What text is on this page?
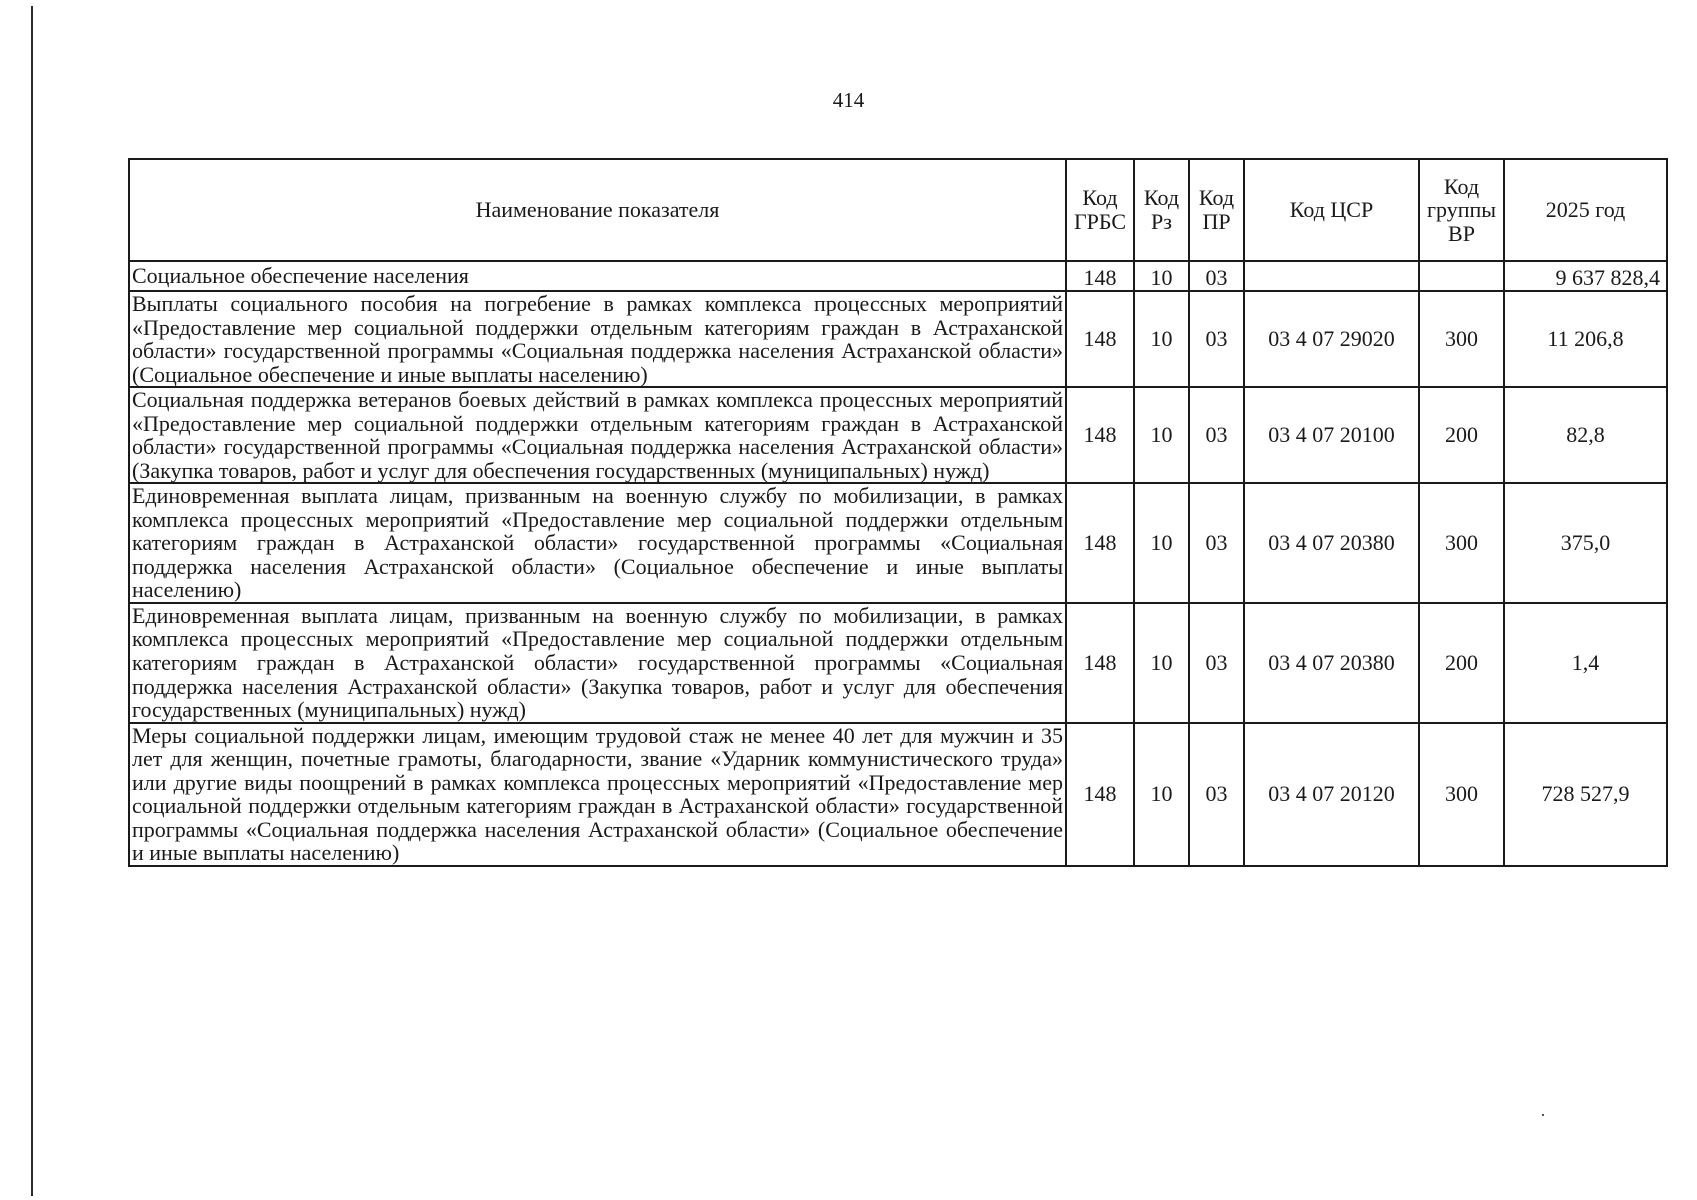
414
Наименование показателя	Код ГРБС	Код Рз	Код ПР	Код ЦСР	Код группы ВР	2025 год
Социальное обеспечение населения	148	10	03			9 637 828,4
Выплаты социального пособия на погребение в рамках комплекса процессных мероприятий «Предоставление мер социальной поддержки отдельным категориям граждан в Астраханской области» государственной программы «Социальная поддержка населения Астраханской области» (Социальное обеспечение и иные выплаты населению)	148	10	03	03 4 07 29020	300	11 206,8
Социальная поддержка ветеранов боевых действий в рамках комплекса процессных мероприятий «Предоставление мер социальной поддержки отдельным категориям граждан в Астраханской области» государственной программы «Социальная поддержка населения Астраханской области» (Закупка товаров, работ и услуг для обеспечения государственных (муниципальных) нужд)	148	10	03	03 4 07 20100	200	82,8
Единовременная выплата лицам, призванным на военную службу по мобилизации, в рамках комплекса процессных мероприятий «Предоставление мер социальной поддержки отдельным категориям граждан в Астраханской области» государственной программы «Социальная поддержка населения Астраханской области» (Социальное обеспечение и иные выплаты населению)	148	10	03	03 4 07 20380	300	375,0
Единовременная выплата лицам, призванным на военную службу по мобилизации, в рамках комплекса процессных мероприятий «Предоставление мер социальной поддержки отдельным категориям граждан в Астраханской области» государственной программы «Социальная поддержка населения Астраханской области» (Закупка товаров, работ и услуг для обеспечения государственных (муниципальных) нужд)	148	10	03	03 4 07 20380	200	1,4
Меры социальной поддержки лицам, имеющим трудовой стаж не менее 40 лет для мужчин и 35 лет для женщин, почетные грамоты, благодарности, звание «Ударник коммунистического труда» или другие виды поощрений в рамках комплекса процессных мероприятий «Предоставление мер социальной поддержки отдельным категориям граждан в Астраханской области» государственной программы «Социальная поддержка населения Астраханской области» (Социальное обеспечение и иные выплаты населению)	148	10	03	03 4 07 20120	300	728 527,9
